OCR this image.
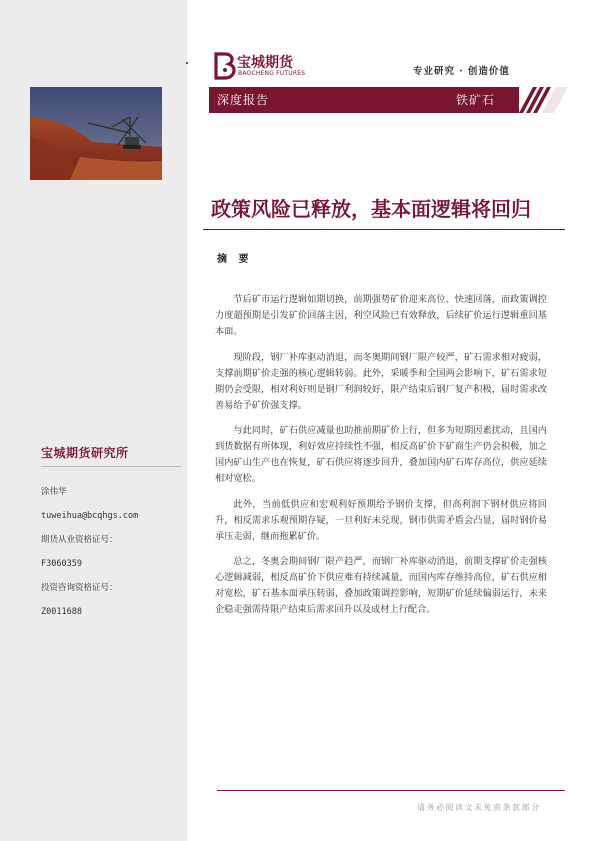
宝城期货研究所
涂伟华
tuweihua@bcqhgs.com
期货从业资格证号：
F3060359
投资咨询资格证号：
Z0011688
宝城期货
BAOCHENG FUTURES	专业研究 · 创造价值
深度报告	铁矿石
政策风险已释放，基本面逻辑将回归
摘 要

节后矿市运行逻辑如期切换，前期强势矿价迎来高位、快速回落，而政策调控力度超预期是引发矿价回落主因，利空风险已有效释放，后续矿价运行逻辑重回基本面。

现阶段，钢厂补库驱动消退，而冬奥期间钢厂限产较严，矿石需求相对疲弱，支撑前期矿价走强的核心逻辑转弱。此外，采暖季和全国两会影响下，矿石需求短期仍会受限，相对利好则是钢厂利润较好，限产结束后钢厂复产积极，届时需求改善易给予矿价强支撑。

与此同时，矿石供应减量也助推前期矿价上行，但多为短期因素扰动，且国内到货数据有所体现，利好效应持续性不强，相反高矿价下矿商生产仍会积极，加之国内矿山生产也在恢复，矿石供应将逐步回升，叠加国内矿石库存高位，供应延续相对宽松。

此外，当前低供应和宏观利好预期给予钢价支撑，但高利润下钢材供应将回升，相反需求乐观预期存疑，一旦利好未兑现，钢市供需矛盾会凸显，届时钢价易承压走弱，继而拖累矿价。

总之，冬奥会期间钢厂限产趋严，而钢厂补库驱动消退，前期支撑矿价走强核心逻辑减弱，相反高矿价下供应难有持续减量，而国内库存维持高位，矿石供应相对宽松，矿石基本面承压转弱，叠加政策调控影响，短期矿价延续偏弱运行，未来企稳走强需待限产结束后需求回升以及成材上行配合。

请务必阅读文末免责条款部分
